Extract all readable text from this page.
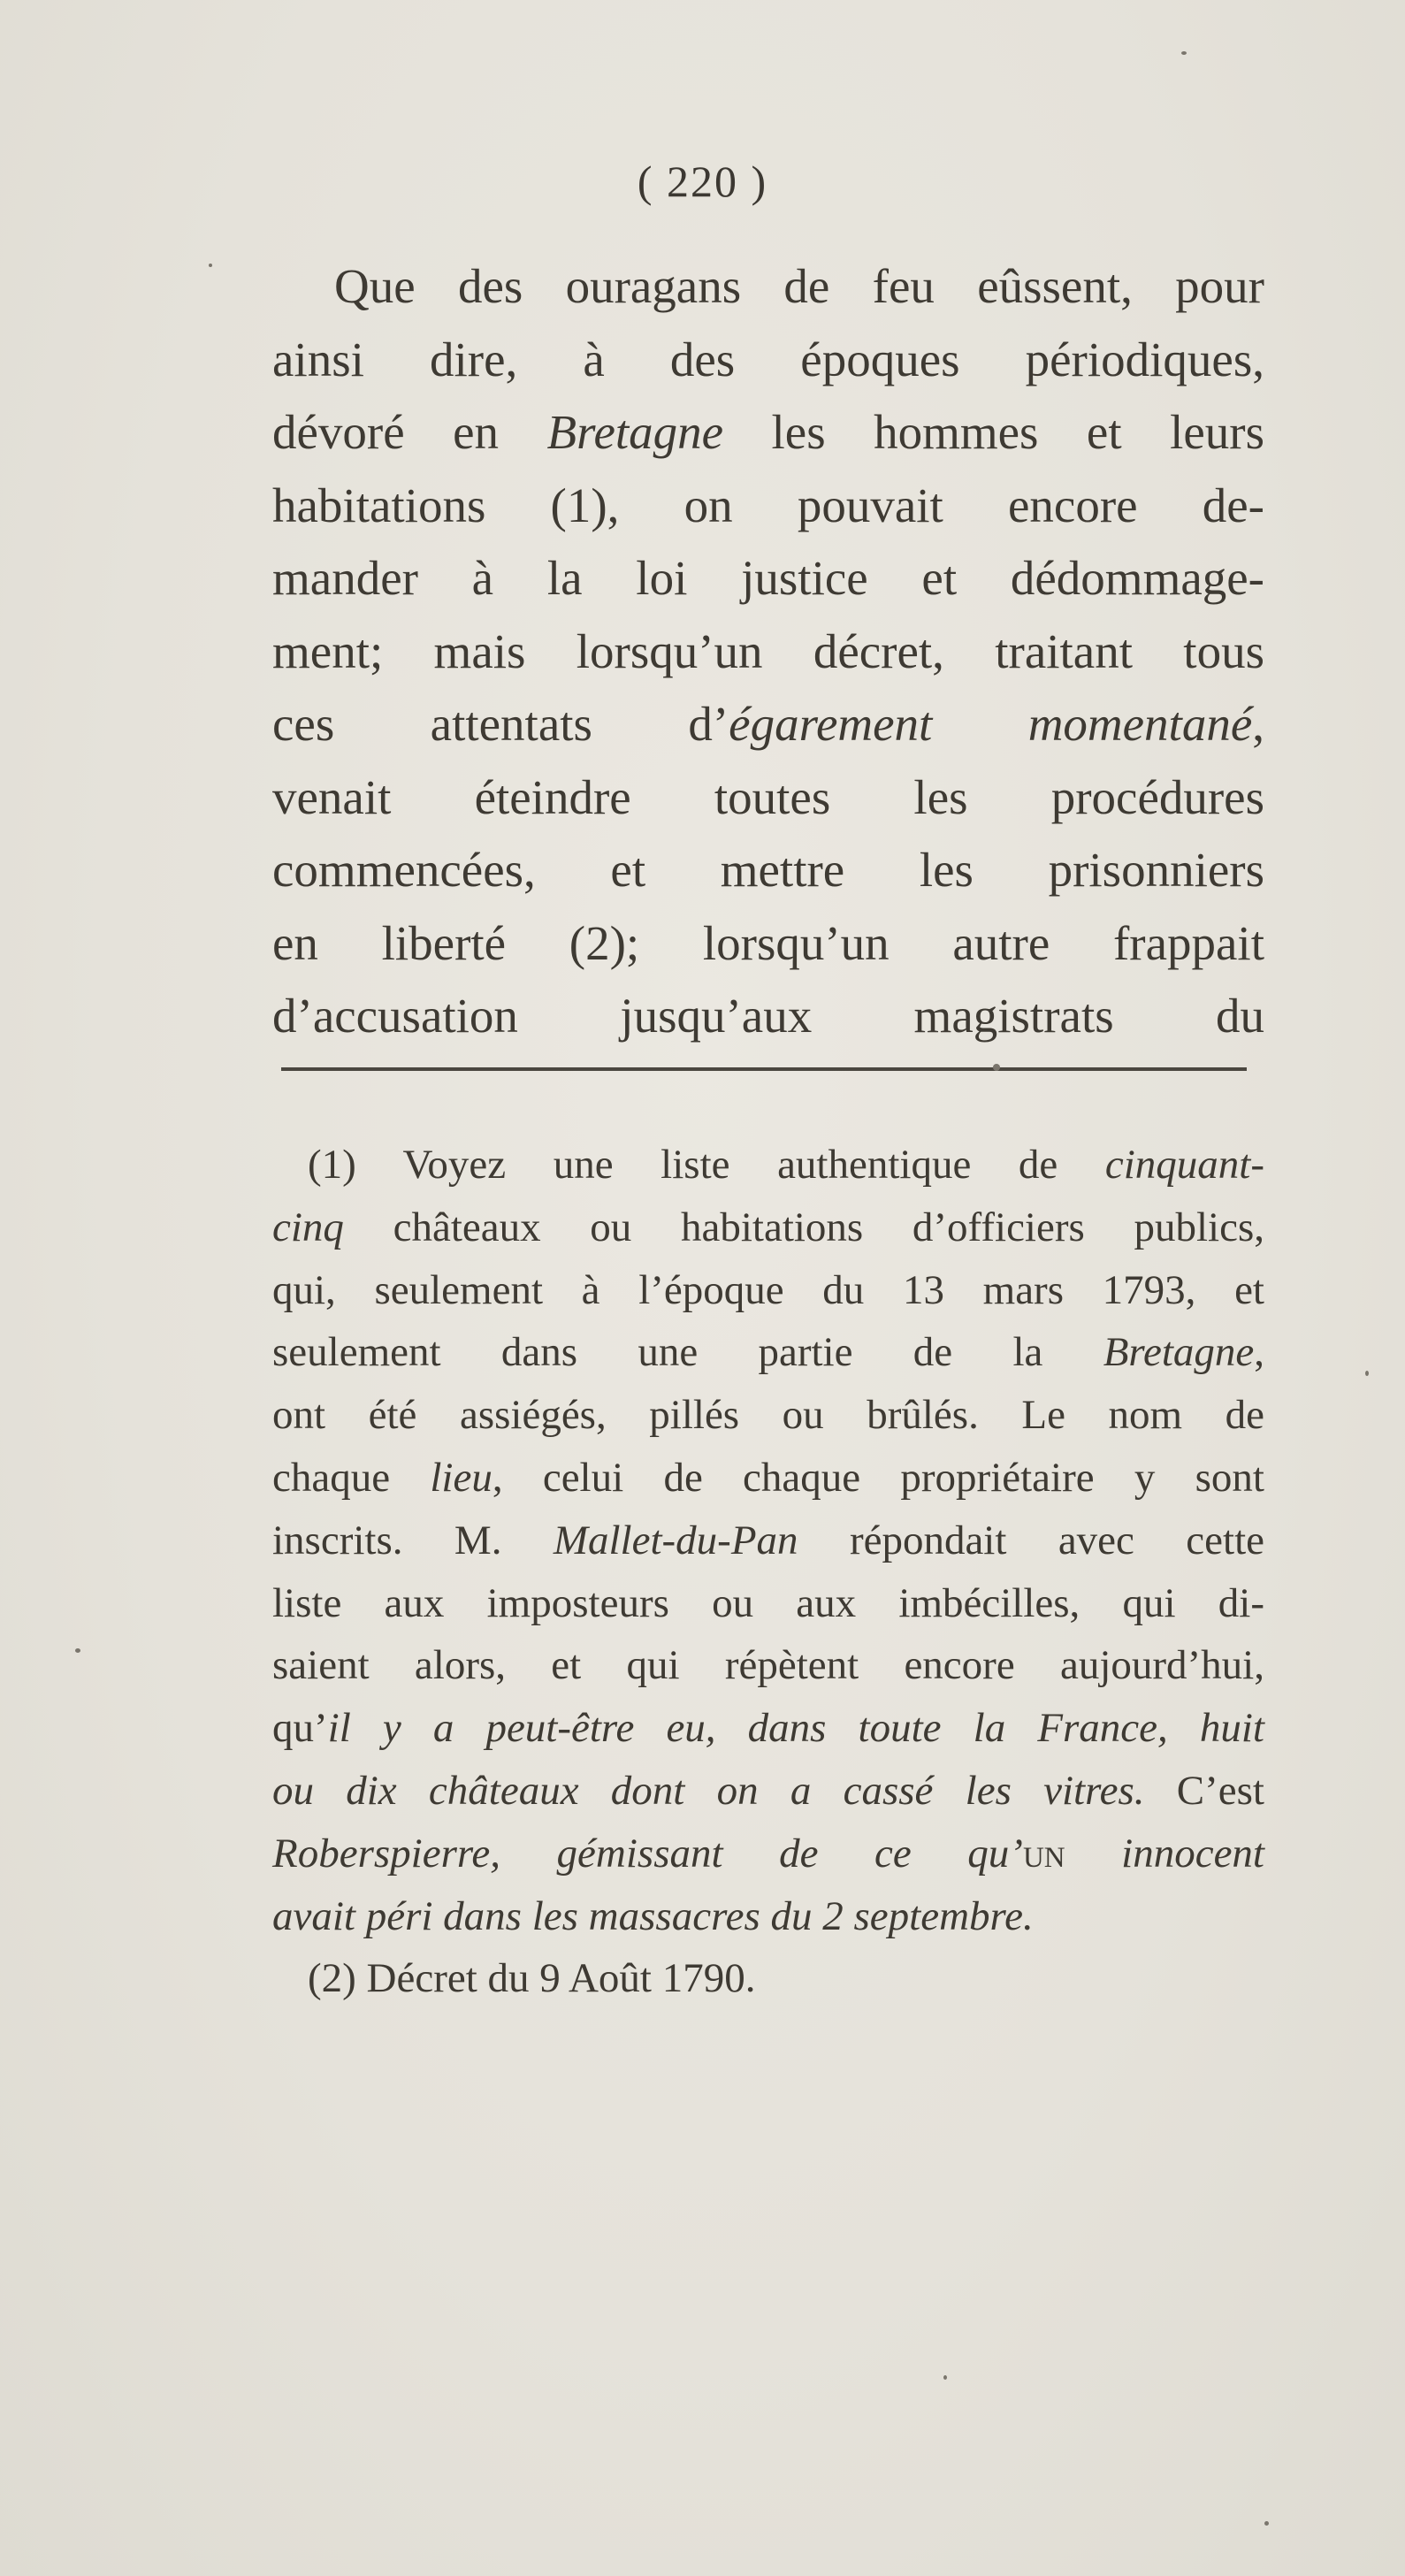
( 220 )
Que des ouragans de feu eûssent, pour
ainsi dire, à des époques périodiques,
dévoré en Bretagne les hommes et leurs
habitations (1), on pouvait encore de-
mander à la loi justice et dédommage-
ment; mais lorsqu’un décret, traitant tous
ces attentats d’égarement momentané,
venait éteindre toutes les procédures
commencées, et mettre les prisonniers
en liberté (2); lorsqu’un autre frappait
d’accusation jusqu’aux magistrats du
(1) Voyez une liste authentique de cinquant-
cinq châteaux ou habitations d’officiers publics,
qui, seulement à l’époque du 13 mars 1793, et
seulement dans une partie de la Bretagne,
ont été assiégés, pillés ou brûlés. Le nom de
chaque lieu, celui de chaque propriétaire y sont
inscrits. M. Mallet-du-Pan répondait avec cette
liste aux imposteurs ou aux imbécilles, qui di-
saient alors, et qui répètent encore aujourd’hui,
qu’il y a peut-être eu, dans toute la France, huit
ou dix châteaux dont on a cassé les vitres. C’est
Roberspierre, gémissant de ce qu’un innocent
avait péri dans les massacres du 2 septembre.
(2) Décret du 9 Août 1790.
